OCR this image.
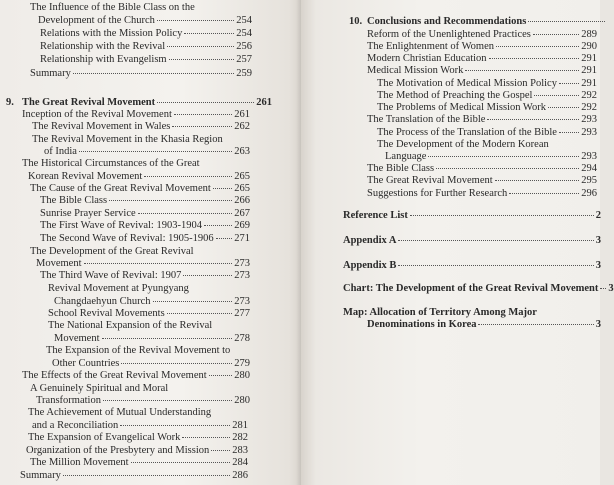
The Influence of the Bible Class on the
Development of the Church	254
Relations with the Mission Policy	254
Relationship with the Revival	256
Relationship with Evangelism	257
Summary	259
9. The Great Revival Movement	261
Inception of the Revival Movement	261
The Revival Movement in Wales	262
The Revival Movement in the Khasia Region
of India	263
The Historical Circumstances of the Great
Korean Revival Movement	265
The Cause of the Great Revival Movement 265
The Bible Class	266
Sunrise Prayer Service	267
The First Wave of Revival: 1903-1904	269
The Second Wave of Revival: 1905-1906 271
The Development of the Great Revival
Movement	273
The Third Wave of Revival: 1907	273
Revival Movement at Pyungyang
Changdaehyun Church	273
School Revival Movements	277
The National Expansion of the Revival
Movement	278
The Expansion of the Revival Movement to
Other Countries	279
The Effects of the Great Revival Movement	280
A Genuinely Spiritual and Moral
Transformation	280
The Achievement of Mutual Understanding
and a Reconciliation	281
The Expansion of Evangelical Work	282
Organization of the Presbytery and Mission 283
The Million Movement	284
Summary	286
10. Conclusions and Recommendations
Reform of the Unenlightened Practices	289
The Enlightenment of Women	290
Modern Christian Education	291
Medical Mission Work	291
The Motivation of Medical Mission Policy 291
The Method of Preaching the Gospel	292
The Problems of Medical Mission Work	292
The Translation of the Bible	293
The Process of the Translation of the Bible 293
The Development of the Modern Korean
Language	293
The Bible Class	294
The Great Revival Movement	295
Suggestions for Further Research	296
Reference List	2
Appendix A	3
Appendix B	3
Chart: The Development of the Great Revival Movement 3
Map: Allocation of Territory Among Major
Denominations in Korea	3
